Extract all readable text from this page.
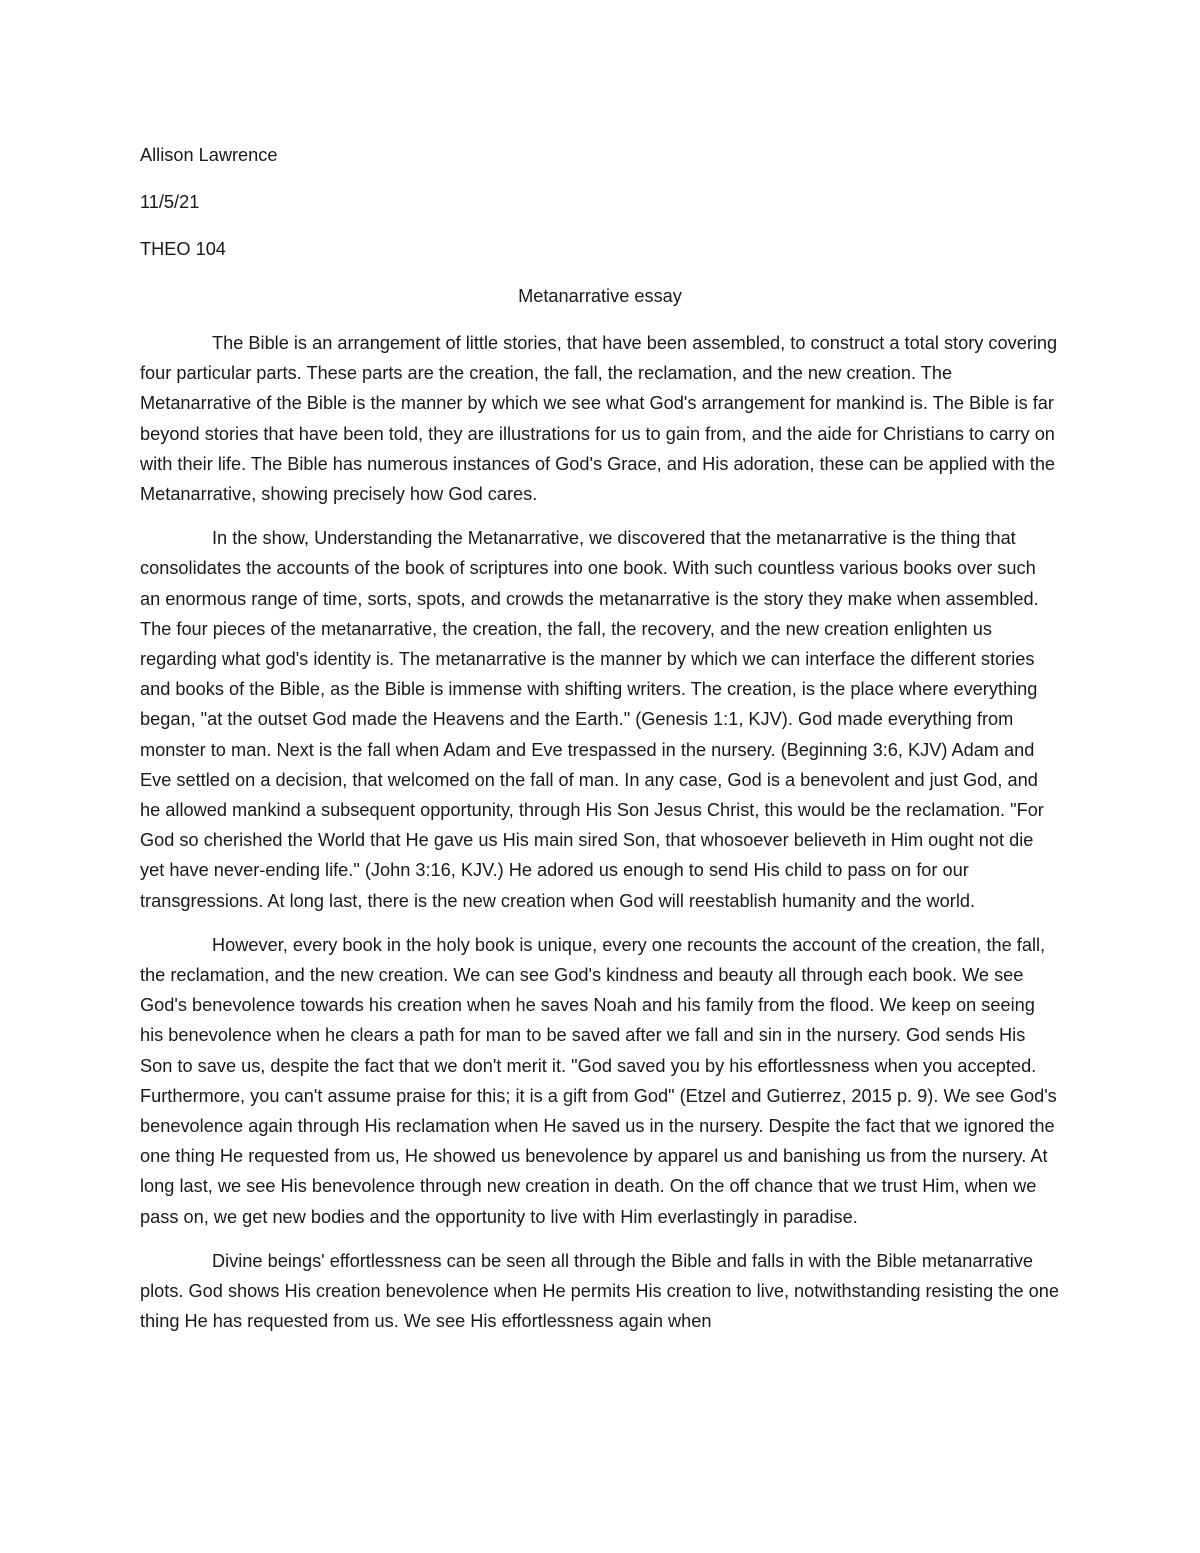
Allison Lawrence
11/5/21
THEO 104
Metanarrative essay

The Bible is an arrangement of little stories, that have been assembled, to construct a total story covering four particular parts. These parts are the creation, the fall, the reclamation, and the new creation. The Metanarrative of the Bible is the manner by which we see what God's arrangement for mankind is. The Bible is far beyond stories that have been told, they are illustrations for us to gain from, and the aide for Christians to carry on with their life. The Bible has numerous instances of God's Grace, and His adoration, these can be applied with the Metanarrative, showing precisely how God cares.

In the show, Understanding the Metanarrative, we discovered that the metanarrative is the thing that consolidates the accounts of the book of scriptures into one book. With such countless various books over such an enormous range of time, sorts, spots, and crowds the metanarrative is the story they make when assembled. The four pieces of the metanarrative, the creation, the fall, the recovery, and the new creation enlighten us regarding what god's identity is. The metanarrative is the manner by which we can interface the different stories and books of the Bible, as the Bible is immense with shifting writers. The creation, is the place where everything began, "at the outset God made the Heavens and the Earth." (Genesis 1:1, KJV). God made everything from monster to man. Next is the fall when Adam and Eve trespassed in the nursery. (Beginning 3:6, KJV) Adam and Eve settled on a decision, that welcomed on the fall of man. In any case, God is a benevolent and just God, and he allowed mankind a subsequent opportunity, through His Son Jesus Christ, this would be the reclamation. "For God so cherished the World that He gave us His main sired Son, that whosoever believeth in Him ought not die yet have never-ending life." (John 3:16, KJV.) He adored us enough to send His child to pass on for our transgressions. At long last, there is the new creation when God will reestablish humanity and the world.

However, every book in the holy book is unique, every one recounts the account of the creation, the fall, the reclamation, and the new creation. We can see God's kindness and beauty all through each book. We see God's benevolence towards his creation when he saves Noah and his family from the flood. We keep on seeing his benevolence when he clears a path for man to be saved after we fall and sin in the nursery. God sends His Son to save us, despite the fact that we don't merit it. "God saved you by his effortlessness when you accepted. Furthermore, you can't assume praise for this; it is a gift from God" (Etzel and Gutierrez, 2015 p. 9). We see God's benevolence again through His reclamation when He saved us in the nursery. Despite the fact that we ignored the one thing He requested from us, He showed us benevolence by apparel us and banishing us from the nursery. At long last, we see His benevolence through new creation in death. On the off chance that we trust Him, when we pass on, we get new bodies and the opportunity to live with Him everlastingly in paradise.

Divine beings' effortlessness can be seen all through the Bible and falls in with the Bible metanarrative plots. God shows His creation benevolence when He permits His creation to live, notwithstanding resisting the one thing He has requested from us. We see His effortlessness again when
